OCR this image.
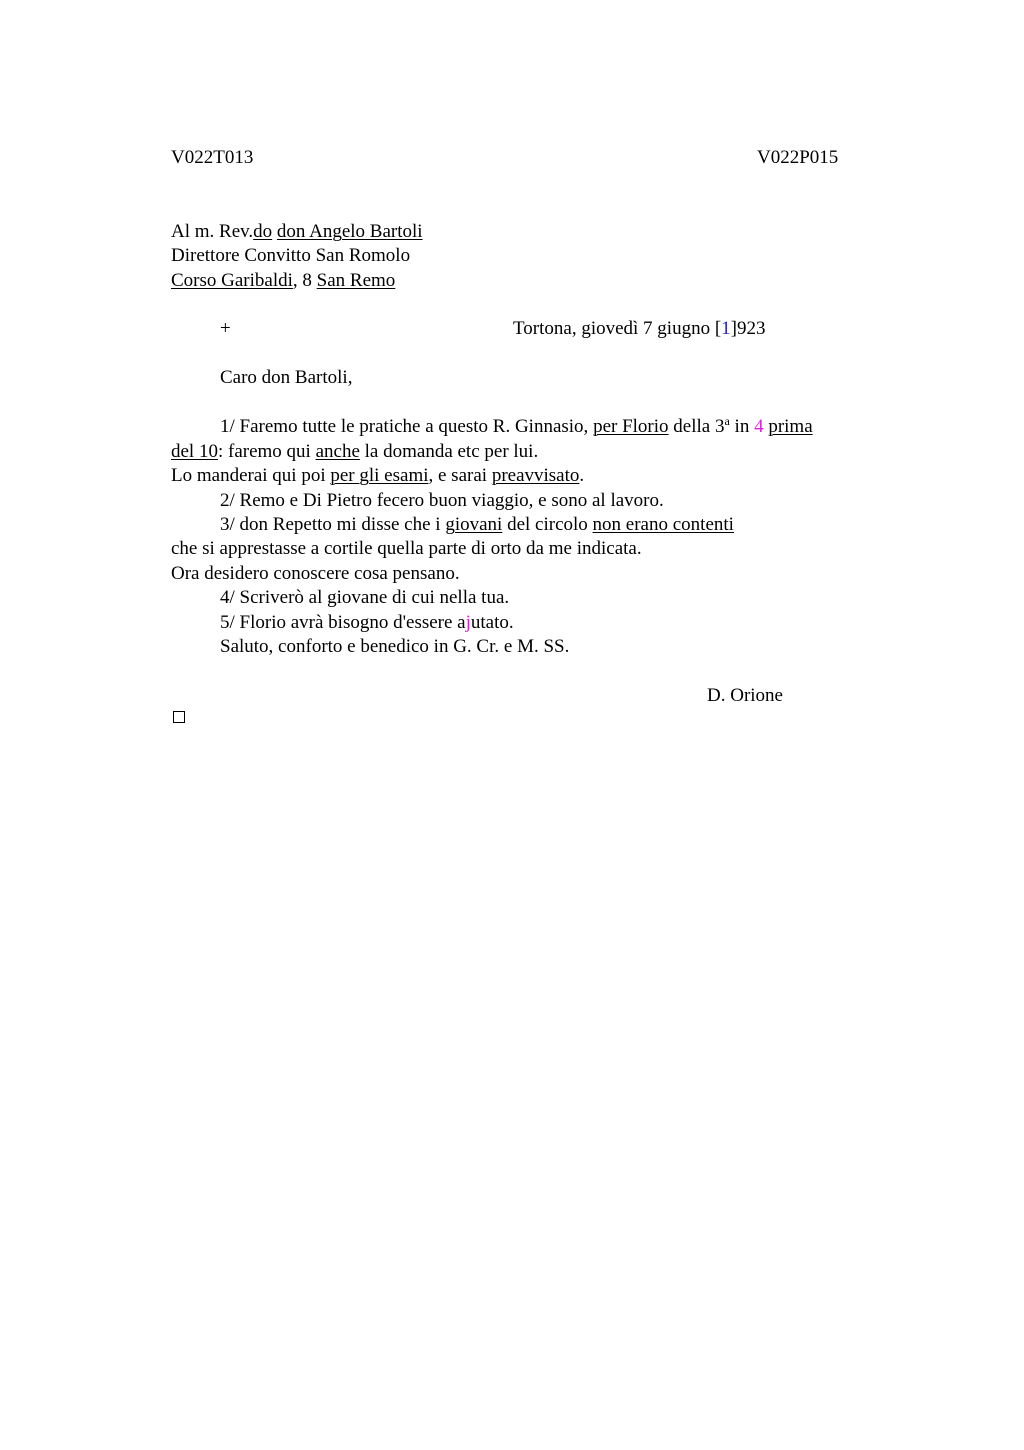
V022T013	V022P015
Al m. Rev.do don Angelo Bartoli
Direttore Convitto San Romolo
Corso Garibaldi, 8 San Remo
+	Tortona, giovedì 7 giugno [1]923
Caro don Bartoli,
1/ Faremo tutte le pratiche a questo R. Ginnasio, per Florio della 3$^a$ in 4 prima
del 10: faremo qui anche la domanda etc per lui.
Lo manderai qui poi per gli esami, e sarai preavvisato.
2/ Remo e Di Pietro fecero buon viaggio, e sono al lavoro.
3/ don Repetto mi disse che i giovani del circolo non erano contenti
che si apprestasse a cortile quella parte di orto da me indicata.
Ora desidero conoscere cosa pensano.
4/ Scriverò al giovane di cui nella tua.
5/ Florio avrà bisogno d'essere ajutato.
Saluto, conforto e benedico in G. Cr. e M. SS.
D. Orione
